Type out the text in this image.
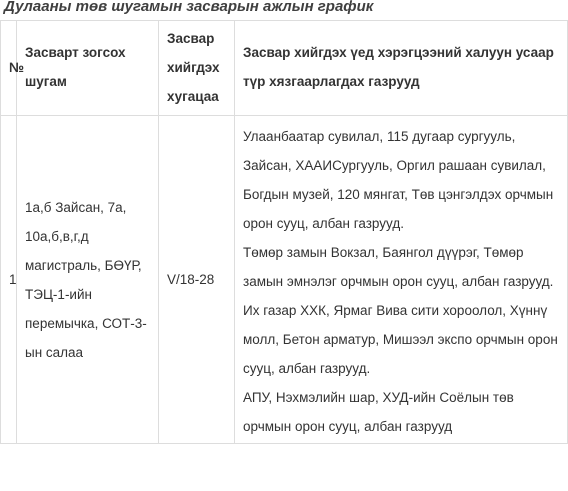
Дулааны төв шугамын засварын ажлын график
№	Засварт зогсох шугам	Засвар хийгдэх хугацаа	Засвар хийгдэх үед хэрэгцээний халуун усаар түр хязгаарлагдах газрууд
1	1а,б Зайсан, 7а, 10а,б,в,г,д магистраль, БӨҮР, ТЭЦ-1-ийн перемычка, СОТ-3-ын салаа	V/18-28	Улаанбаатар сувилал, 115 дугаар сургууль, Зайсан, ХААИСургууль, Оргил рашаан сувилал, Богдын музей, 120 мянгат, Төв цэнгэлдэх орчмын орон сууц, албан газрууд.
Төмөр замын Вокзал, Баянгол дүүрэг, Төмөр замын эмнэлэг орчмын орон сууц, албан газрууд.
Их газар ХХК, Ярмаг Вива сити хороолол, Хүннү молл, Бетон арматур, Мишээл экспо орчмын орон сууц, албан газрууд.
АПУ, Нэхмэлийн шар, ХУД-ийн Соёлын төв орчмын орон сууц, албан газрууд
